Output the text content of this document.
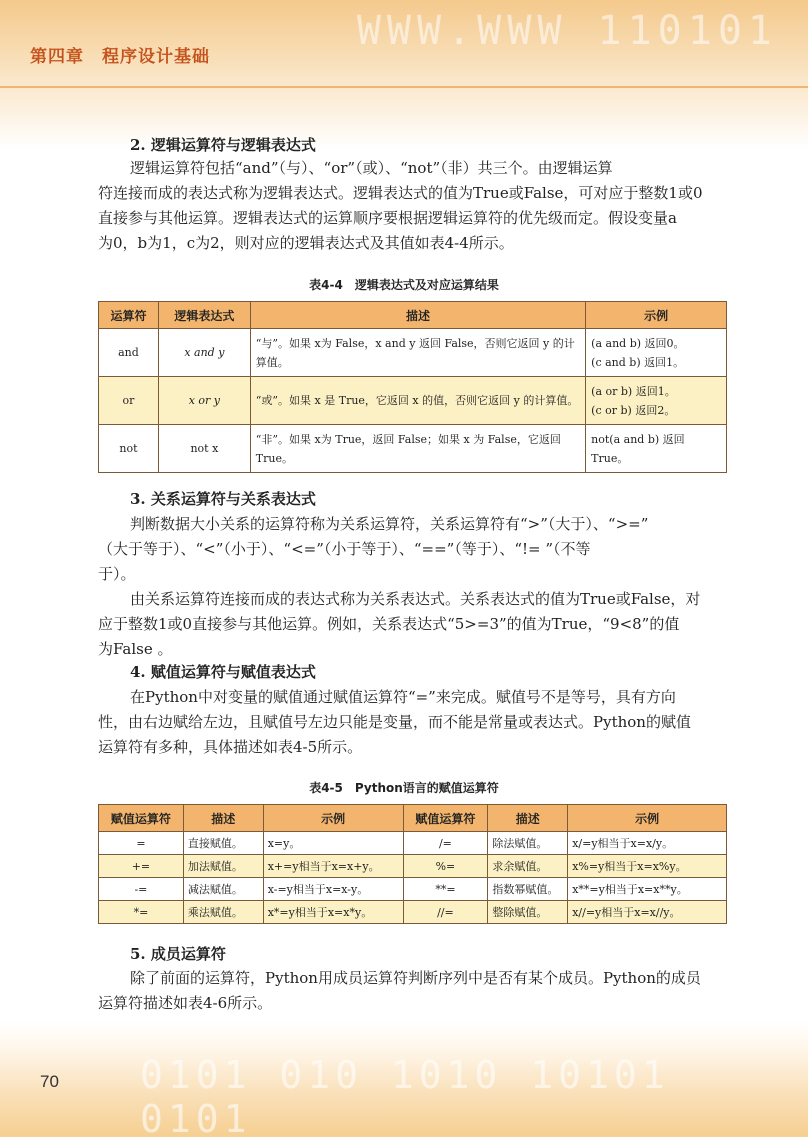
WWW.WWW 110101
第四章　程序设计基础
2. 逻辑运算符与逻辑表达式
逻辑运算符包括“and”（与）、“or”（或）、“not”（非）共三个。由逻辑运算
符连接而成的表达式称为逻辑表达式。逻辑表达式的值为True或False，可对应于整数1或0
直接参与其他运算。逻辑表达式的运算顺序要根据逻辑运算符的优先级而定。假设变量a
为0，b为1，c为2，则对应的逻辑表达式及其值如表4-4所示。
表4-4　逻辑表达式及对应运算结果
运算符	逻辑表达式	描述	示例
and	x and y	“与”。如果 x为 False，x and y 返回 False，否则它返回 y 的计算值。	(a and b) 返回0。
(c and b) 返回1。
or	x or y	“或”。如果 x 是 True，它返回 x 的值，否则它返回 y 的计算值。	(a or b) 返回1。
(c or b) 返回2。
not	not x	“非”。如果 x为 True，返回 False；如果 x 为 False，它返回 True。	not(a and b) 返回 True。
3. 关系运算符与关系表达式
判断数据大小关系的运算符称为关系运算符，关系运算符有“>”（大于）、“>=”
（大于等于）、“<”（小于）、“<=”（小于等于）、“==”（等于）、“!= ”（不等
于）。
由关系运算符连接而成的表达式称为关系表达式。关系表达式的值为True或False，对
应于整数1或0直接参与其他运算。例如，关系表达式“5>=3”的值为True，“9<8”的值
为False 。
4. 赋值运算符与赋值表达式
在Python中对变量的赋值通过赋值运算符“=”来完成。赋值号不是等号，具有方向
性，由右边赋给左边，且赋值号左边只能是变量，而不能是常量或表达式。Python的赋值
运算符有多种，具体描述如表4-5所示。
表4-5　Python语言的赋值运算符
赋值运算符	描述	示例	赋值运算符	描述	示例
=	直接赋值。	x=y。	/=	除法赋值。	x/=y相当于x=x/y。
+=	加法赋值。	x+=y相当于x=x+y。	%=	求余赋值。	x%=y相当于x=x%y。
-=	减法赋值。	x-=y相当于x=x-y。	**=	指数幂赋值。	x**=y相当于x=x**y。
*=	乘法赋值。	x*=y相当于x=x*y。	//=	整除赋值。	x//=y相当于x=x//y。
5. 成员运算符
除了前面的运算符，Python用成员运算符判断序列中是否有某个成员。Python的成员
运算符描述如表4-6所示。
0101 010 1010 10101 0101
70
